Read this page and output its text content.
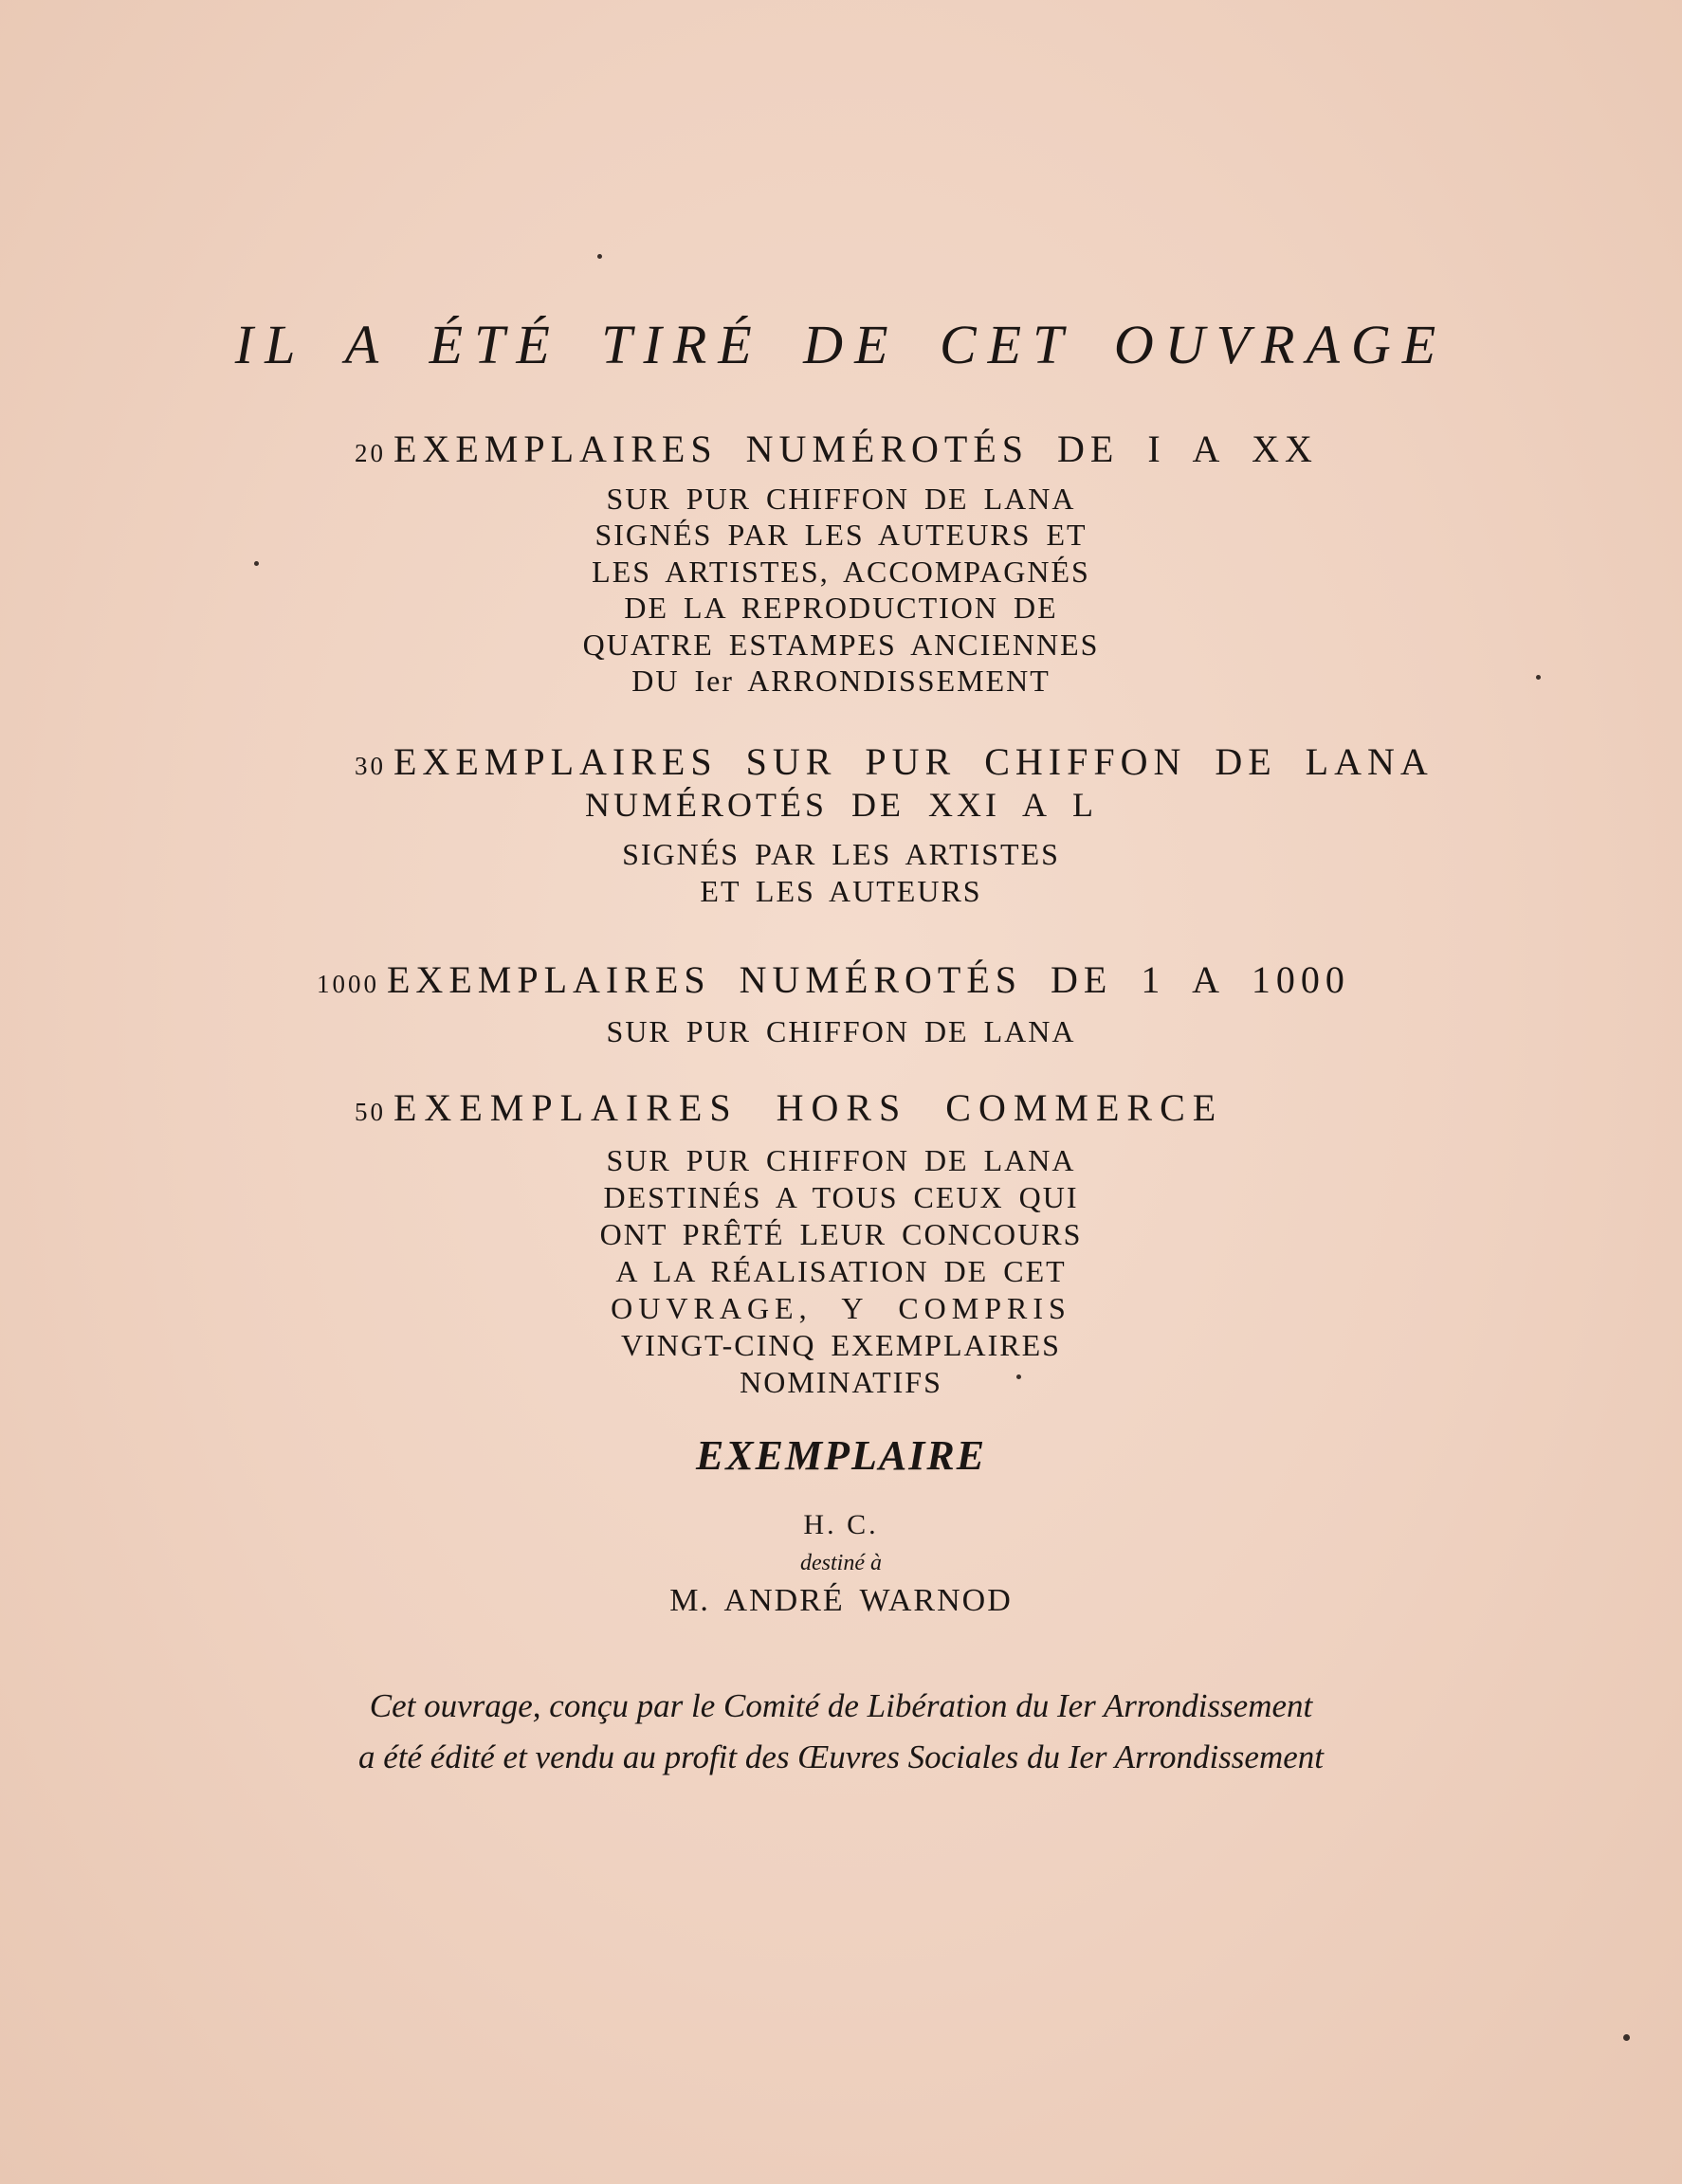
IL A ÉTÉ TIRÉ DE CET OUVRAGE
20 EXEMPLAIRES NUMÉROTÉS DE I A XX
SUR PUR CHIFFON DE LANA
SIGNÉS PAR LES AUTEURS ET
LES ARTISTES, ACCOMPAGNÉS
DE LA REPRODUCTION DE
QUATRE ESTAMPES ANCIENNES
DU Ier ARRONDISSEMENT
30 EXEMPLAIRES SUR PUR CHIFFON DE LANA
NUMÉROTÉS DE XXI A L
SIGNÉS PAR LES ARTISTES
ET LES AUTEURS
1000 EXEMPLAIRES NUMÉROTÉS DE 1 A 1000
SUR PUR CHIFFON DE LANA
50 EXEMPLAIRES HORS COMMERCE
SUR PUR CHIFFON DE LANA
DESTINÉS A TOUS CEUX QUI
ONT PRÊTÉ LEUR CONCOURS
A LA RÉALISATION DE CET
OUVRAGE, Y COMPRIS
VINGT-CINQ EXEMPLAIRES
NOMINATIFS
EXEMPLAIRE
H. C.
destiné à
M. ANDRÉ WARNOD
Cet ouvrage, conçu par le Comité de Libération du Ier Arrondissement
a été édité et vendu au profit des Œuvres Sociales du Ier Arrondissement
